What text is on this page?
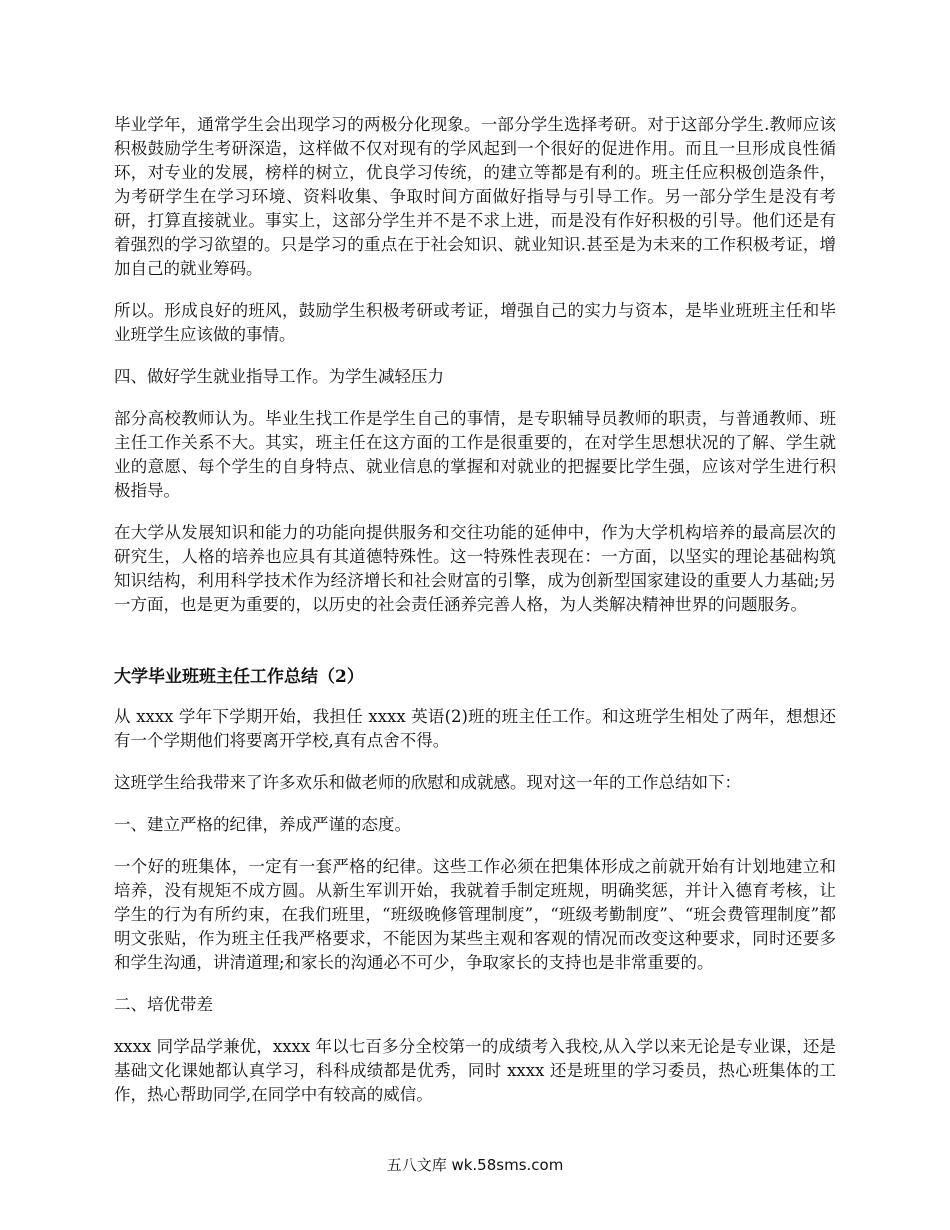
毕业学年，通常学生会出现学习的两极分化现象。一部分学生选择考研。对于这部分学生.教师应该积极鼓励学生考研深造，这样做不仅对现有的学风起到一个很好的促进作用。而且一旦形成良性循环，对专业的发展，榜样的树立，优良学习传统，的建立等都是有利的。班主任应积极创造条件，为考研学生在学习环境、资料收集、争取时间方面做好指导与引导工作。另一部分学生是没有考研，打算直接就业。事实上，这部分学生并不是不求上进，而是没有作好积极的引导。他们还是有着强烈的学习欲望的。只是学习的重点在于社会知识、就业知识.甚至是为未来的工作积极考证，增加自己的就业筹码。

所以。形成良好的班风，鼓励学生积极考研或考证，增强自己的实力与资本，是毕业班班主任和毕业班学生应该做的事情。

四、做好学生就业指导工作。为学生减轻压力

部分高校教师认为。毕业生找工作是学生自己的事情，是专职辅导员教师的职责，与普通教师、班主任工作关系不大。其实，班主任在这方面的工作是很重要的，在对学生思想状况的了解、学生就业的意愿、每个学生的自身特点、就业信息的掌握和对就业的把握要比学生强，应该对学生进行积极指导。

在大学从发展知识和能力的功能向提供服务和交往功能的延伸中，作为大学机构培养的最高层次的研究生，人格的培养也应具有其道德特殊性。这一特殊性表现在：一方面，以坚实的理论基础构筑知识结构，利用科学技术作为经济增长和社会财富的引擎，成为创新型国家建设的重要人力基础;另一方面，也是更为重要的，以历史的社会责任涵养完善人格，为人类解决精神世界的问题服务。

大学毕业班班主任工作总结（2）

从 xxxx 学年下学期开始，我担任 xxxx 英语(2)班的班主任工作。和这班学生相处了两年，想想还有一个学期他们将要离开学校,真有点舍不得。

这班学生给我带来了许多欢乐和做老师的欣慰和成就感。现对这一年的工作总结如下：

一、建立严格的纪律，养成严谨的态度。

一个好的班集体，一定有一套严格的纪律。这些工作必须在把集体形成之前就开始有计划地建立和培养，没有规矩不成方圆。从新生军训开始，我就着手制定班规，明确奖惩，并计入德育考核，让学生的行为有所约束，在我们班里，“班级晚修管理制度”，“班级考勤制度”、“班会费管理制度”都明文张贴，作为班主任我严格要求，不能因为某些主观和客观的情况而改变这种要求，同时还要多和学生沟通，讲清道理;和家长的沟通必不可少，争取家长的支持也是非常重要的。

二、培优带差

xxxx 同学品学兼优，xxxx 年以七百多分全校第一的成绩考入我校,从入学以来无论是专业课，还是基础文化课她都认真学习，科科成绩都是优秀，同时 xxxx 还是班里的学习委员，热心班集体的工作，热心帮助同学,在同学中有较高的威信。

五八文库 wk.58sms.com
